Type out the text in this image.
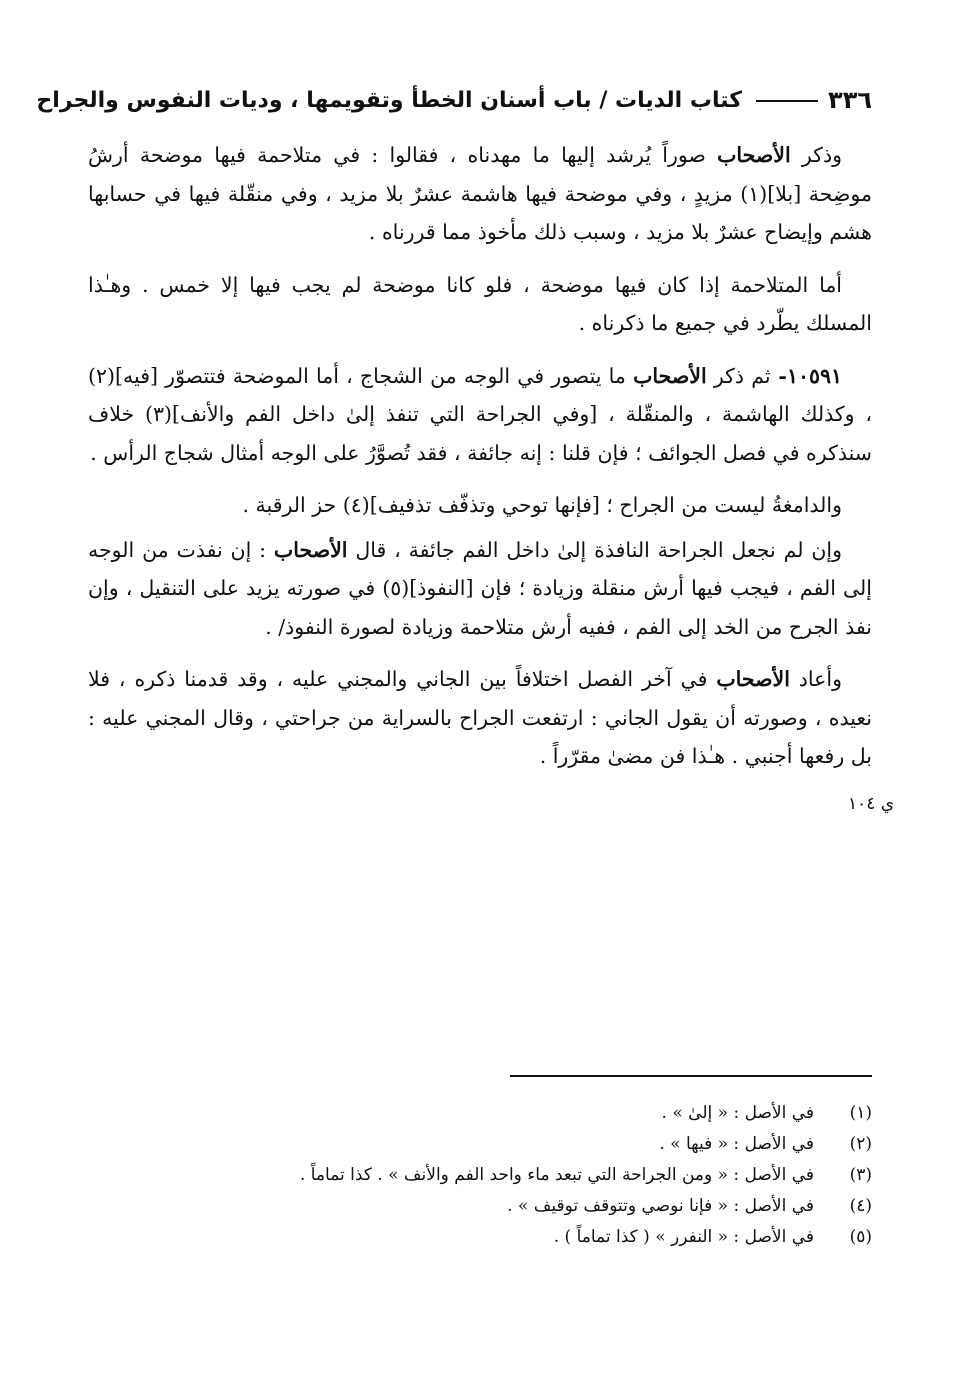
٣٣٦
كتاب الديات / باب أسنان الخطأ وتقويمها ، وديات النفوس والجراح

وذكر الأصحاب صوراً يُرشد إليها ما مهدناه ، فقالوا : في متلاحمة فيها موضحة أرشُ موضِحة [بلا](١) مزيدٍ ، وفي موضحة فيها هاشمة عشرٌ بلا مزيد ، وفي منقّلة فيها في حسابها هشم وإيضاح عشرٌ بلا مزيد ، وسبب ذلك مأخوذ مما قررناه .

أما المتلاحمة إذا كان فيها موضحة ، فلو كانا موضحة لم يجب فيها إلا خمس . وهـٰذا المسلك يطّرد في جميع ما ذكرناه .

١٠٥٩١- ثم ذكر الأصحاب ما يتصور في الوجه من الشجاج ، أما الموضحة فتتصوّر [فيه](٢) ، وكذلك الهاشمة ، والمنقّلة ، [وفي الجراحة التي تنفذ إلىٰ داخل الفم والأنف](٣) خلاف سنذكره في فصل الجوائف ؛ فإن قلنا : إنه جائفة ، فقد تُصوَّرُ على الوجه أمثال شجاج الرأس .

والدامغةُ ليست من الجراح ؛ [فإنها توحي وتذفّف تذفيف](٤) حز الرقبة .

وإن لم نجعل الجراحة النافذة إلىٰ داخل الفم جائفة ، قال الأصحاب : إن نفذت من الوجه إلى الفم ، فيجب فيها أرش منقلة وزيادة ؛ فإن [النفوذ](٥) في صورته يزيد على التنقيل ، وإن نفذ الجرح من الخد إلى الفم ، ففيه أرش متلاحمة وزيادة لصورة النفوذ/ .

وأعاد الأصحاب في آخر الفصل اختلافاً بين الجاني والمجني عليه ، وقد قدمنا ذكره ، فلا نعيده ، وصورته أن يقول الجاني : ارتفعت الجراح بالسراية من جراحتي ، وقال المجني عليه : بل رفعها أجنبي . هـٰذا فن مضىٰ مقرّراً .

ي ١٠٤
(١)
في الأصل : « إلىٰ » .
(٢)
في الأصل : « فيها » .
(٣)
في الأصل : « ومن الجراحة التي تبعد ماء واحد الفم والأنف » . كذا تماماً .
(٤)
في الأصل : « فإنا نوصي وتتوقف توقيف » .
(٥)
في الأصل : « النفرر » ( كذا تماماً ) .
